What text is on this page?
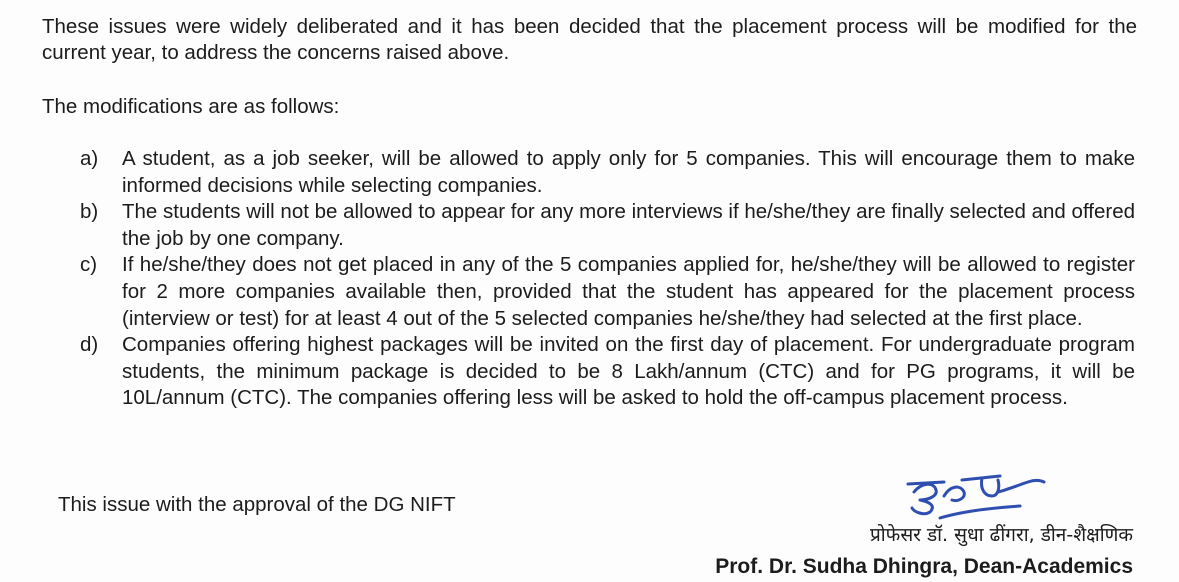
These issues were widely deliberated and it has been decided that the placement process will be modified for the current year, to address the concerns raised above.

The modifications are as follows:

a)	A student, as a job seeker, will be allowed to apply only for 5 companies. This will encourage them to make informed decisions while selecting companies.
b)	The students will not be allowed to appear for any more interviews if he/she/they are finally selected and offered the job by one company.
c)	If he/she/they does not get placed in any of the 5 companies applied for, he/she/they will be allowed to register for 2 more companies available then, provided that the student has appeared for the placement process (interview or test) for at least 4 out of the 5 selected companies he/she/they had selected at the first place.
d)	Companies offering highest packages will be invited on the first day of placement. For undergraduate program students, the minimum package is decided to be 8 Lakh/annum (CTC) and for PG programs, it will be 10L/annum (CTC). The companies offering less will be asked to hold the off-campus placement process.

This issue with the approval of the DG NIFT

प्रोफेसर डॉ. सुधा ढींगरा, डीन-शैक्षणिक

Prof. Dr. Sudha Dhingra, Dean-Academics
